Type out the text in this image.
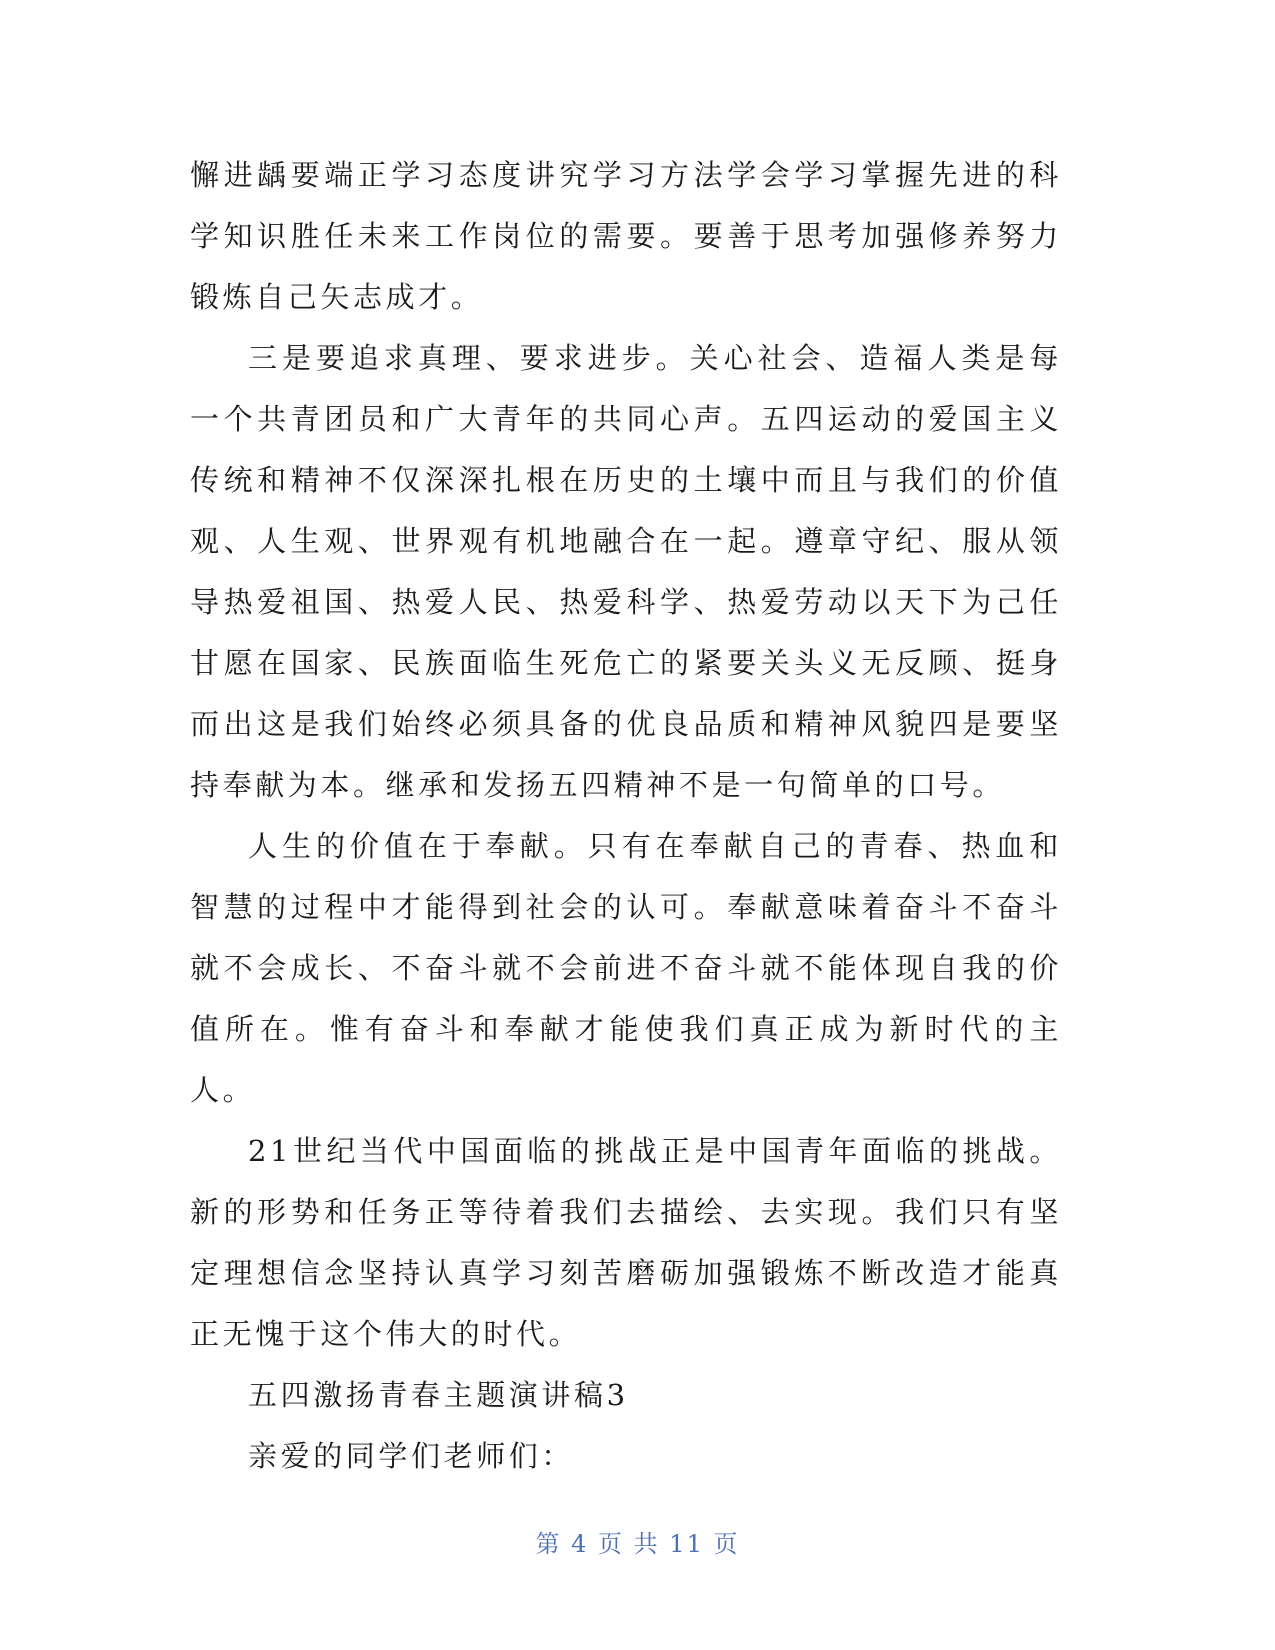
懈进龋要端正学习态度讲究学习方法学会学习掌握先进的科学知识胜任未来工作岗位的需要。要善于思考加强修养努力锻炼自己矢志成才。

三是要追求真理、要求进步。关心社会、造福人类是每一个共青团员和广大青年的共同心声。五四运动的爱国主义传统和精神不仅深深扎根在历史的土壤中而且与我们的价值观、人生观、世界观有机地融合在一起。遵章守纪、服从领导热爱祖国、热爱人民、热爱科学、热爱劳动以天下为己任甘愿在国家、民族面临生死危亡的紧要关头义无反顾、挺身而出这是我们始终必须具备的优良品质和精神风貌四是要坚持奉献为本。继承和发扬五四精神不是一句简单的口号。

人生的价值在于奉献。只有在奉献自己的青春、热血和智慧的过程中才能得到社会的认可。奉献意味着奋斗不奋斗就不会成长、不奋斗就不会前进不奋斗就不能体现自我的价值所在。惟有奋斗和奉献才能使我们真正成为新时代的主人。

21世纪当代中国面临的挑战正是中国青年面临的挑战。新的形势和任务正等待着我们去描绘、去实现。我们只有坚定理想信念坚持认真学习刻苦磨砺加强锻炼不断改造才能真正无愧于这个伟大的时代。

五四激扬青春主题演讲稿3

亲爱的同学们老师们：

第 4 页 共 11 页
